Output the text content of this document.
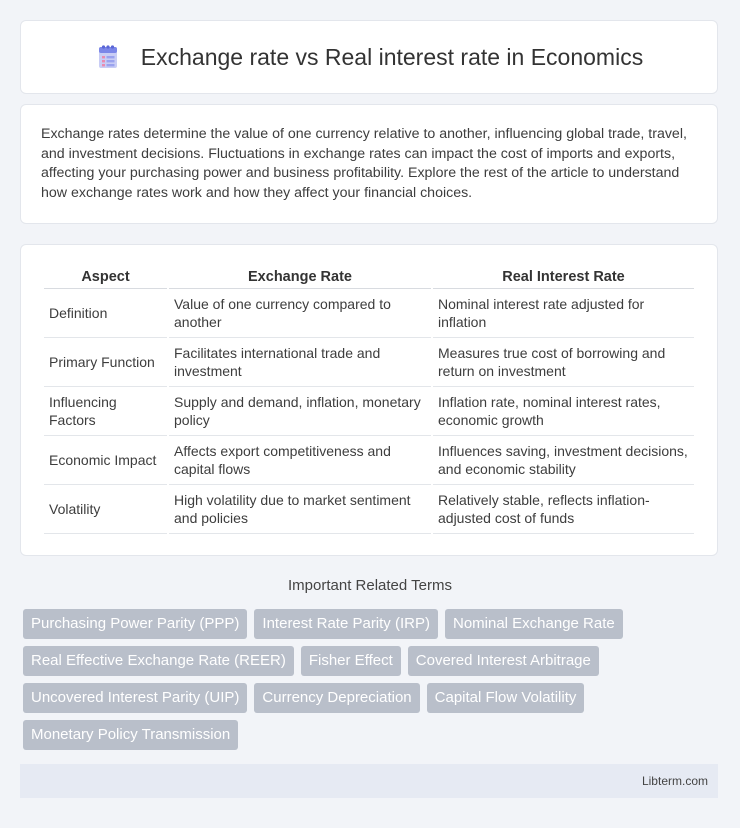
Exchange rate vs Real interest rate in Economics

Exchange rates determine the value of one currency relative to another, influencing global trade, travel, and investment decisions. Fluctuations in exchange rates can impact the cost of imports and exports, affecting your purchasing power and business profitability. Explore the rest of the article to understand how exchange rates work and how they affect your financial choices.

Aspect	Exchange Rate	Real Interest Rate
Definition	Value of one currency compared to another	Nominal interest rate adjusted for inflation
Primary Function	Facilitates international trade and investment	Measures true cost of borrowing and return on investment
Influencing Factors	Supply and demand, inflation, monetary policy	Inflation rate, nominal interest rates, economic growth
Economic Impact	Affects export competitiveness and capital flows	Influences saving, investment decisions, and economic stability
Volatility	High volatility due to market sentiment and policies	Relatively stable, reflects inflation-adjusted cost of funds
Important Related Terms
Purchasing Power Parity (PPP)	Interest Rate Parity (IRP)	Nominal Exchange Rate
Real Effective Exchange Rate (REER)	Fisher Effect	Covered Interest Arbitrage
Uncovered Interest Parity (UIP)	Currency Depreciation	Capital Flow Volatility
Monetary Policy Transmission
Libterm.com
